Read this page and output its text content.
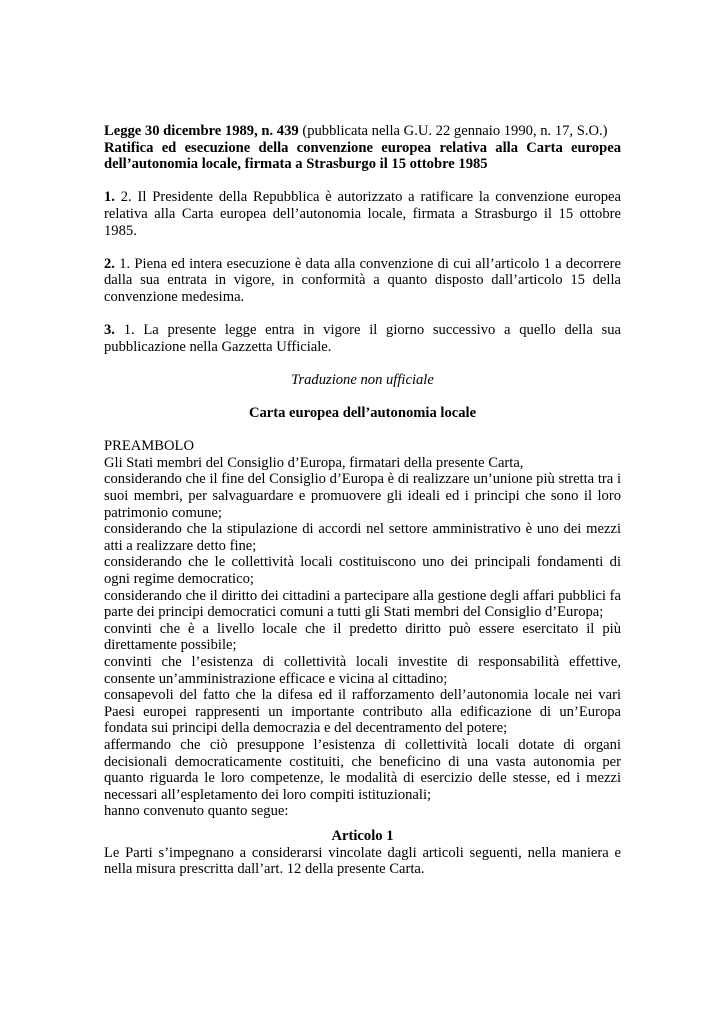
Legge 30 dicembre 1989, n. 439 (pubblicata nella G.U. 22 gennaio 1990, n. 17, S.O.)

Ratifica ed esecuzione della convenzione europea relativa alla Carta europea dell’autonomia locale, firmata a Strasburgo il 15 ottobre 1985

1. 2. Il Presidente della Repubblica è autorizzato a ratificare la convenzione europea relativa alla Carta europea dell’autonomia locale, firmata a Strasburgo il 15 ottobre 1985.

2. 1. Piena ed intera esecuzione è data alla convenzione di cui all’articolo 1 a decorrere dalla sua entrata in vigore, in conformità a quanto disposto dall’articolo 15 della convenzione medesima.

3. 1. La presente legge entra in vigore il giorno successivo a quello della sua pubblicazione nella Gazzetta Ufficiale.

Traduzione non ufficiale

Carta europea dell’autonomia locale

PREAMBOLO

Gli Stati membri del Consiglio d’Europa, firmatari della presente Carta,

considerando che il fine del Consiglio d’Europa è di realizzare un’unione più stretta tra i suoi membri, per salvaguardare e promuovere gli ideali ed i principi che sono il loro patrimonio comune;

considerando che la stipulazione di accordi nel settore amministrativo è uno dei mezzi atti a realizzare detto fine;

considerando che le collettività locali costituiscono uno dei principali fondamenti di ogni regime democratico;

considerando che il diritto dei cittadini a partecipare alla gestione degli affari pubblici fa parte dei principi democratici comuni a tutti gli Stati membri del Consiglio d’Europa;

convinti che è a livello locale che il predetto diritto può essere esercitato il più direttamente possibile;

convinti che l’esistenza di collettività locali investite di responsabilità effettive, consente un’amministrazione efficace e vicina al cittadino;

consapevoli del fatto che la difesa ed il rafforzamento dell’autonomia locale nei vari Paesi europei rappresenti un importante contributo alla edificazione di un’Europa fondata sui principi della democrazia e del decentramento del potere;

affermando che ciò presuppone l’esistenza di collettività locali dotate di organi decisionali democraticamente costituiti, che beneficino di una vasta autonomia per quanto riguarda le loro competenze, le modalità di esercizio delle stesse, ed i mezzi necessari all’espletamento dei loro compiti istituzionali;

hanno convenuto quanto segue:

Articolo 1

Le Parti s’impegnano a considerarsi vincolate dagli articoli seguenti, nella maniera e nella misura prescritta dall’art. 12 della presente Carta.
